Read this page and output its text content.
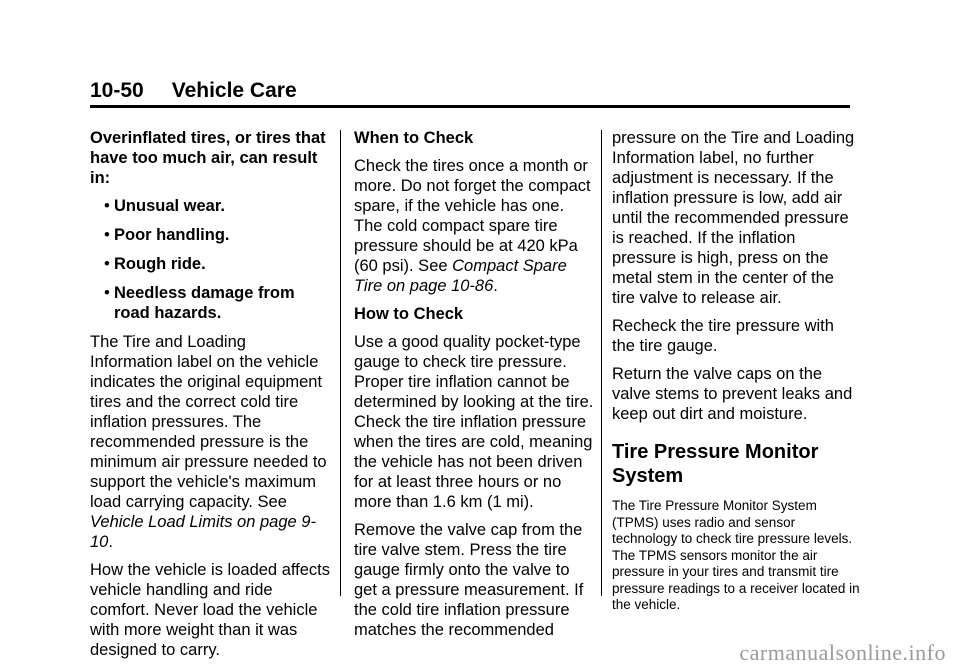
10-50 Vehicle Care

Overinflated tires, or tires that have too much air, can result in:

• Unusual wear.
• Poor handling.
• Rough ride.
• Needless damage from road hazards.

The Tire and Loading Information label on the vehicle indicates the original equipment tires and the correct cold tire inflation pressures. The recommended pressure is the minimum air pressure needed to support the vehicle's maximum load carrying capacity. See Vehicle Load Limits on page 9-10.

How the vehicle is loaded affects vehicle handling and ride comfort. Never load the vehicle with more weight than it was designed to carry.

When to Check

Check the tires once a month or more. Do not forget the compact spare, if the vehicle has one. The cold compact spare tire pressure should be at 420 kPa (60 psi). See Compact Spare Tire on page 10-86.

How to Check

Use a good quality pocket-type gauge to check tire pressure. Proper tire inflation cannot be determined by looking at the tire. Check the tire inflation pressure when the tires are cold, meaning the vehicle has not been driven for at least three hours or no more than 1.6 km (1 mi).

Remove the valve cap from the tire valve stem. Press the tire gauge firmly onto the valve to get a pressure measurement. If the cold tire inflation pressure matches the recommended

pressure on the Tire and Loading Information label, no further adjustment is necessary. If the inflation pressure is low, add air until the recommended pressure is reached. If the inflation pressure is high, press on the metal stem in the center of the tire valve to release air.

Recheck the tire pressure with the tire gauge.

Return the valve caps on the valve stems to prevent leaks and keep out dirt and moisture.

Tire Pressure Monitor System

The Tire Pressure Monitor System (TPMS) uses radio and sensor technology to check tire pressure levels. The TPMS sensors monitor the air pressure in your tires and transmit tire pressure readings to a receiver located in the vehicle.

carmanualsonline.info
